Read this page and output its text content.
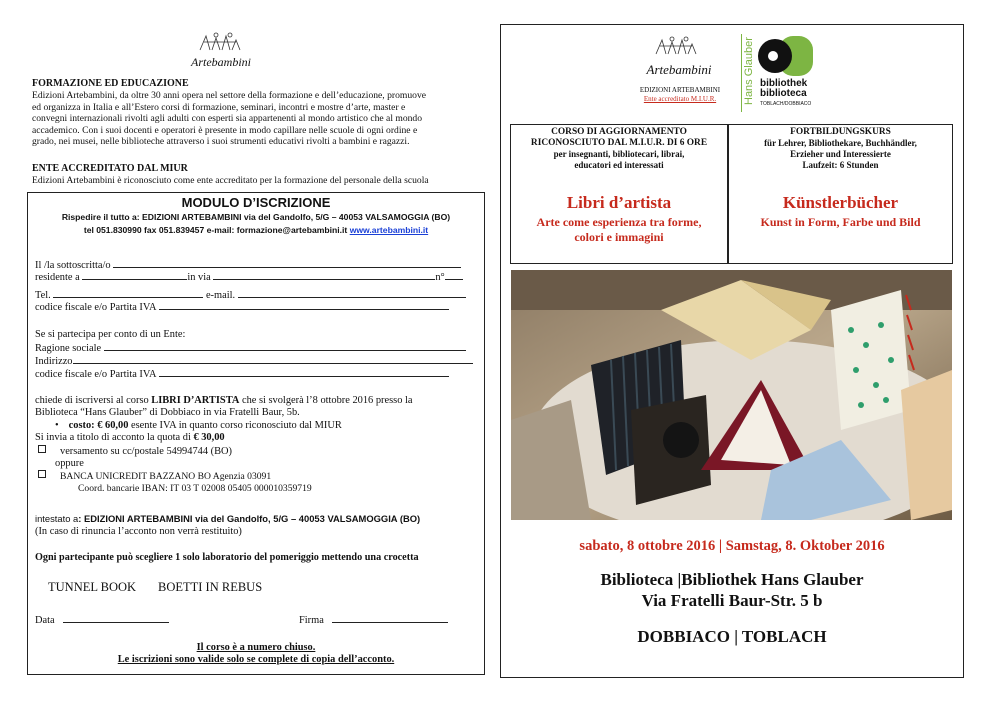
Artebambini
FORMAZIONE ED EDUCAZIONE
Edizioni Artebambini, da oltre 30 anni opera nel settore della formazione e dell’educazione, promuove
ed organizza in Italia e all’Estero corsi di formazione, seminari, incontri e mostre d’arte, master e
convegni internazionali rivolti agli adulti con esperti sia appartenenti al mondo artistico che al mondo
accademico. Con i suoi docenti e operatori è presente in modo capillare nelle scuole di ogni ordine e
grado, nei musei, nelle biblioteche attraverso i suoi strumenti educativi rivolti a bambini e ragazzi.
ENTE ACCREDITATO DAL MIUR
Edizioni Artebambini è riconosciuto come ente accreditato per la formazione del personale della scuola
MODULO D’ISCRIZIONE
Rispedire il tutto a: EDIZIONI ARTEBAMBINI via del Gandolfo, 5/G – 40053 VALSAMOGGIA (BO)
tel 051.830990 fax 051.839457 e-mail: formazione@artebambini.it www.artebambini.it
Il /la sottoscritta/o
residente a	in via	n°
Tel.	e-mail.
codice fiscale e/o Partita IVA
Se si partecipa per conto di un Ente:
Ragione sociale
Indirizzo
codice fiscale e/o Partita IVA
chiede di iscriversi al corso LIBRI D’ARTISTA che si svolgerà l’8 ottobre 2016 presso la
Biblioteca “Hans Glauber” di Dobbiaco in via Fratelli Baur, 5b.
• costo: € 60,00 esente IVA in quanto corso riconosciuto dal MIUR
Si invia a titolo di acconto la quota di € 30,00
versamento su cc/postale 54994744 (BO)
oppure
BANCA UNICREDIT BAZZANO BO Agenzia 03091
Coord. bancarie IBAN: IT 03 T 02008 05405 000010359719
intestato a: EDIZIONI ARTEBAMBINI via del Gandolfo, 5/G – 40053 VALSAMOGGIA (BO)
(In caso di rinuncia l’acconto non verrà restituito)
Ogni partecipante può scegliere 1 solo laboratorio del pomeriggio mettendo una crocetta
TUNNEL BOOK BOETTI IN REBUS
Data	Firma
Il corso è a numero chiuso.
Le iscrizioni sono valide solo se complete di copia dell’acconto.
Artebambini
EDIZIONI ARTEBAMBINI
Ente accreditato M.I.U.R.	Hans Glauber bibliothek
biblioteca
TOBLACH/DOBBIACO
CORSO DI AGGIORNAMENTO
RICONOSCIUTO DAL M.I.U.R. DI 6 ORE
per insegnanti, bibliotecari, librai,
educatori ed interessati
Libri d’artista
Arte come esperienza tra forme,
colori e immagini
FORTBILDUNGSKURS
für Lehrer, Bibliothekare, Buchhändler,
Erzieher und Interessierte
Laufzeit: 6 Stunden
Künstlerbücher
Kunst in Form, Farbe und Bild
sabato, 8 ottobre 2016 | Samstag, 8. Oktober 2016
Biblioteca |Bibliothek Hans Glauber
Via Fratelli Baur-Str. 5 b
DOBBIACO | TOBLACH
